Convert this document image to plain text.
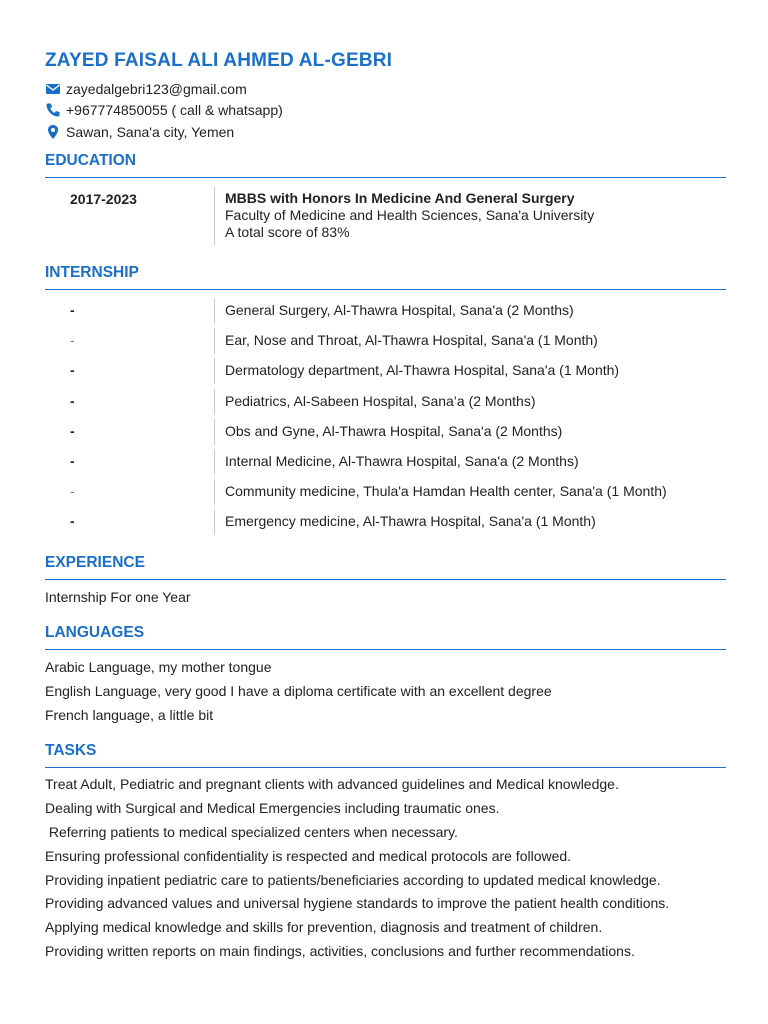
ZAYED FAISAL ALI AHMED AL-GEBRI
zayedalgebri123@gmail.com
+967774850055 ( call & whatsapp)
Sawan, Sana'a city, Yemen
EDUCATION
2017-2023	MBBS with Honors In Medicine And General Surgery
Faculty of Medicine and Health Sciences, Sana'a University
A total score of 83%
INTERNSHIP
-	General Surgery, Al-Thawra Hospital, Sana'a (2 Months)
-	Ear, Nose and Throat, Al-Thawra Hospital, Sana'a (1 Month)
-	Dermatology department, Al-Thawra Hospital, Sana'a (1 Month)
-	Pediatrics, Al-Sabeen Hospital, Sana’a (2 Months)
-	Obs and Gyne, Al-Thawra Hospital, Sana'a (2 Months)
-	Internal Medicine, Al-Thawra Hospital, Sana'a (2 Months)
-	Community medicine, Thula'a Hamdan Health center, Sana'a (1 Month)
-	Emergency medicine, Al-Thawra Hospital, Sana'a (1 Month)
EXPERIENCE
Internship For one Year
LANGUAGES
Arabic Language, my mother tongue
English Language, very good I have a diploma certificate with an excellent degree
French language, a little bit
TASKS
Treat Adult, Pediatric and pregnant clients with advanced guidelines and Medical knowledge.
Dealing with Surgical and Medical Emergencies including traumatic ones.
Referring patients to medical specialized centers when necessary.
Ensuring professional confidentiality is respected and medical protocols are followed.
Providing inpatient pediatric care to patients/beneficiaries according to updated medical knowledge.
Providing advanced values and universal hygiene standards to improve the patient health conditions.
Applying medical knowledge and skills for prevention, diagnosis and treatment of children.
Providing written reports on main findings, activities, conclusions and further recommendations.
